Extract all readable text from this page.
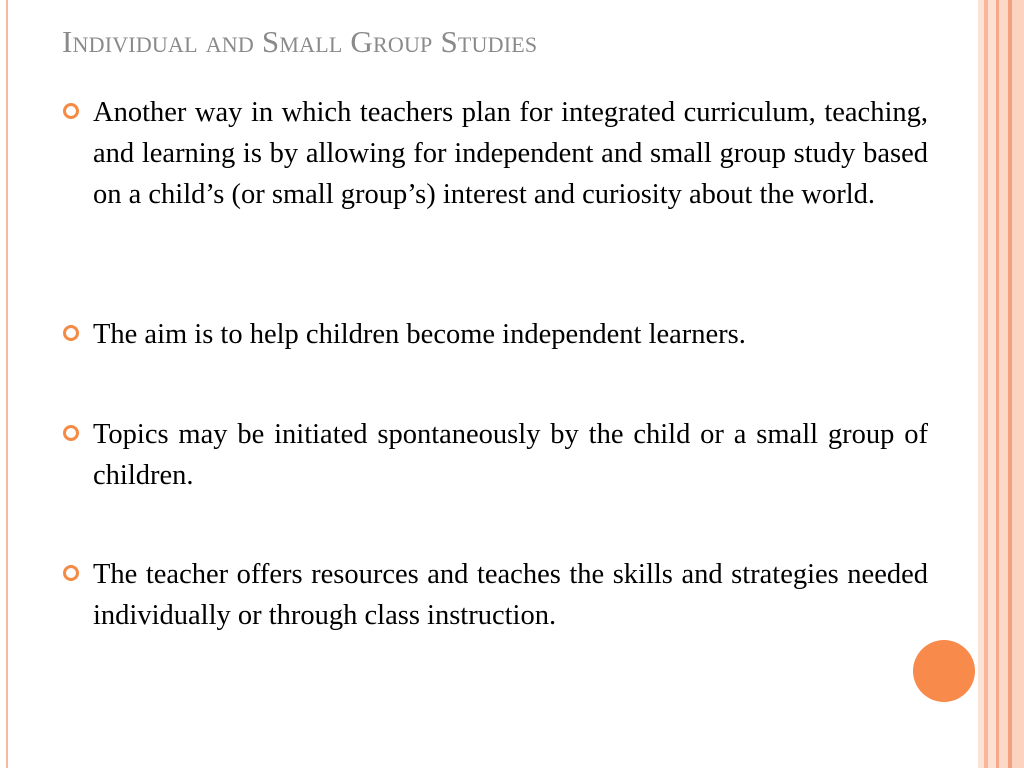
Individual and Small Group Studies

Another way in which teachers plan for integrated curriculum, teaching, and learning is by allowing for independent and small group study based on a child’s (or small group’s) interest and curiosity about the world.

The aim is to help children become independent learners.

Topics may be initiated spontaneously by the child or a small group of children.

The teacher offers resources and teaches the skills and strategies needed individually or through class instruction.
